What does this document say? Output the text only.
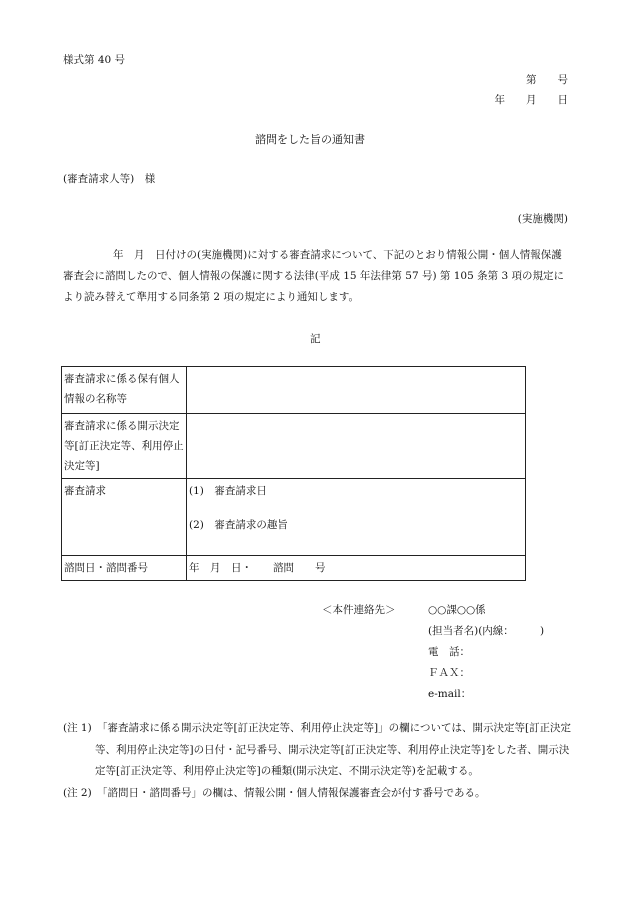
様式第 40 号
第　　号
年　　月　　日
諮問をした旨の通知書
(審査請求人等)　様
(実施機関)
年　月　日付けの(実施機関)に対する審査請求について、下記のとおり情報公開・個人情報保護審査会に諮問したので、個人情報の保護に関する法律(平成 15 年法律第 57 号) 第 105 条第 3 項の規定により読み替えて準用する同条第 2 項の規定により通知します。
記
審査請求に係る保有個人情報の名称等	
審査請求に係る開示決定等[訂正決定等、利用停止決定等]	
審査請求	(1)　審査請求日
(2)　審査請求の趣旨

諮問日・諮問番号	年　月　日・　　諮問　　号
＜本件連絡先＞	○○課○○係
(担当者名)(内線：　　　)
電　話：
ＦＡＸ：
e-mail：
(注 1)　「審査請求に係る開示決定等[訂正決定等、利用停止決定等]」の欄については、開示決定等[訂正決定等、利用停止決定等]の日付・記号番号、開示決定等[訂正決定等、利用停止決定等]をした者、開示決定等[訂正決定等、利用停止決定等]の種類(開示決定、不開示決定等)を記載する。
(注 2)　「諮問日・諮問番号」の欄は、情報公開・個人情報保護審査会が付す番号である。
